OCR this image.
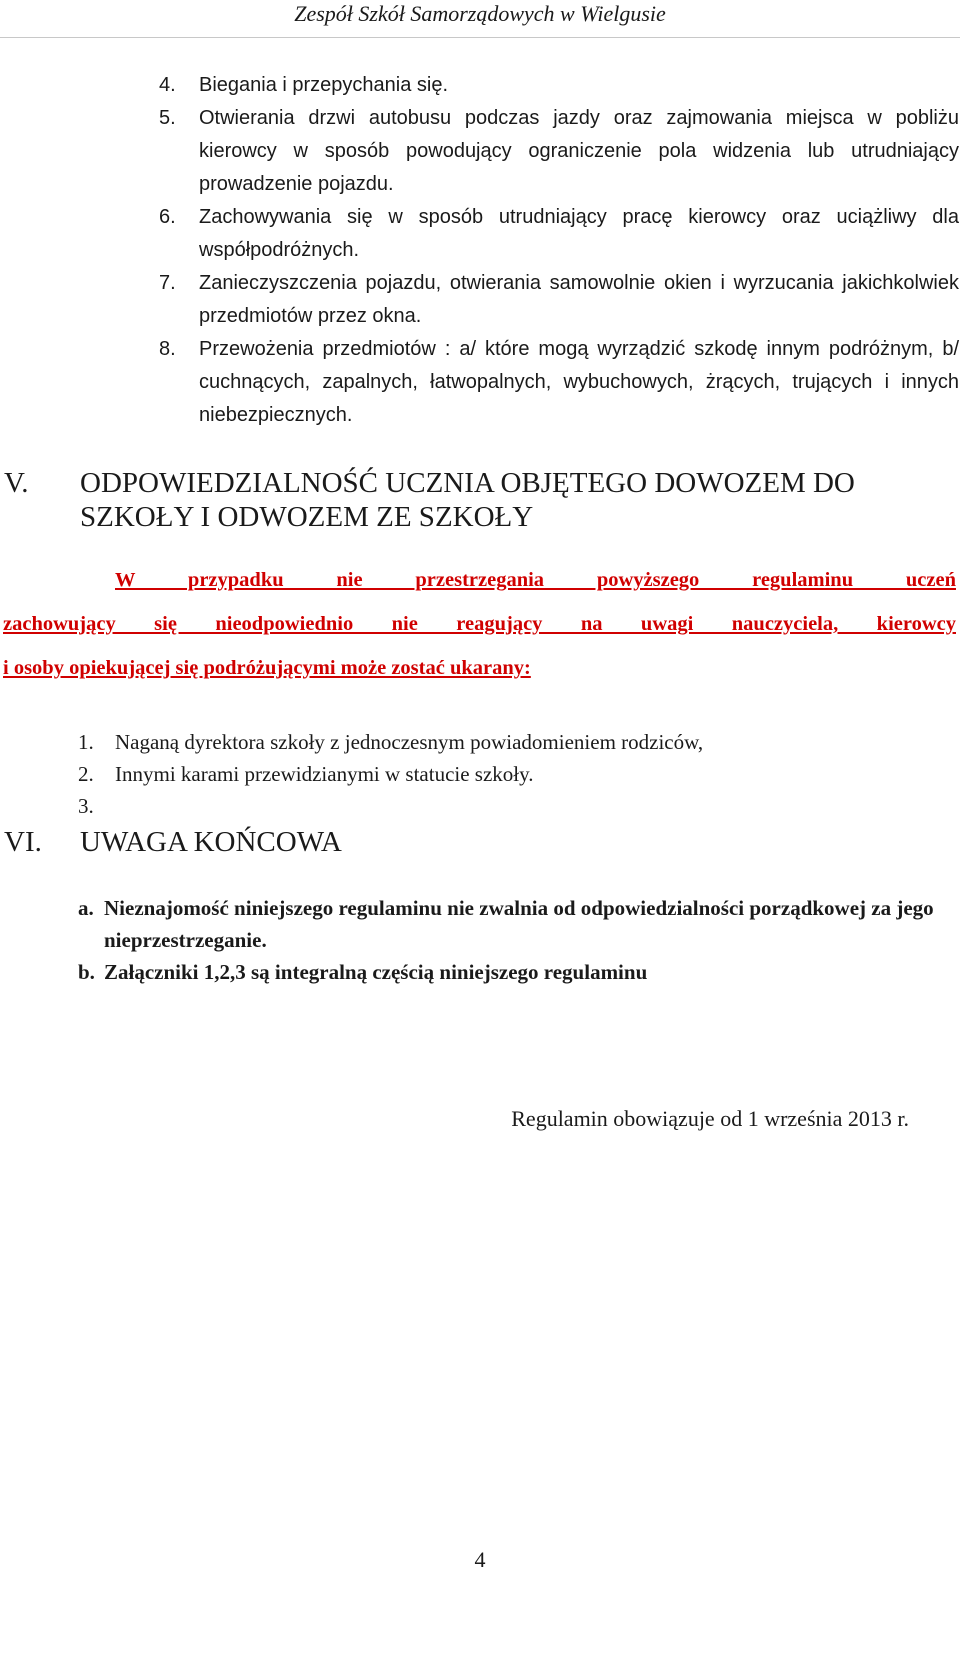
Zespół Szkół Samorządowych w Wielgusie
4. Biegania i przepychania się.
5. Otwierania drzwi autobusu podczas jazdy oraz zajmowania miejsca w pobliżu kierowcy w sposób powodujący ograniczenie pola widzenia lub utrudniający prowadzenie pojazdu.
6. Zachowywania się w sposób utrudniający pracę kierowcy oraz uciążliwy dla współpodróżnych.
7. Zanieczyszczenia pojazdu, otwierania samowolnie okien i wyrzucania jakichkolwiek przedmiotów przez okna.
8. Przewożenia przedmiotów : a/ które mogą wyrządzić szkodę innym podróżnym, b/ cuchnących, zapalnych, łatwopalnych, wybuchowych, żrących, trujących i innych niebezpiecznych.
V. ODPOWIEDZIALNOŚĆ UCZNIA OBJĘTEGO DOWOZEM DO
SZKOŁY I ODWOZEM ZE SZKOŁY
W przypadku nie przestrzegania powyższego regulaminu uczeń
zachowujący się nieodpowiednio nie reagujący na uwagi nauczyciela, kierowcy
i osoby opiekującej się podróżującymi może zostać ukarany:
1. Naganą dyrektora szkoły z jednoczesnym powiadomieniem rodziców,
2. Innymi karami przewidzianymi w statucie szkoły.
3.
VI. UWAGA KOŃCOWA
a. Nieznajomość niniejszego regulaminu nie zwalnia od odpowiedzialności porządkowej za jego nieprzestrzeganie.
b. Załączniki 1,2,3 są integralną częścią niniejszego regulaminu
Regulamin obowiązuje od 1 września 2013 r.
4
